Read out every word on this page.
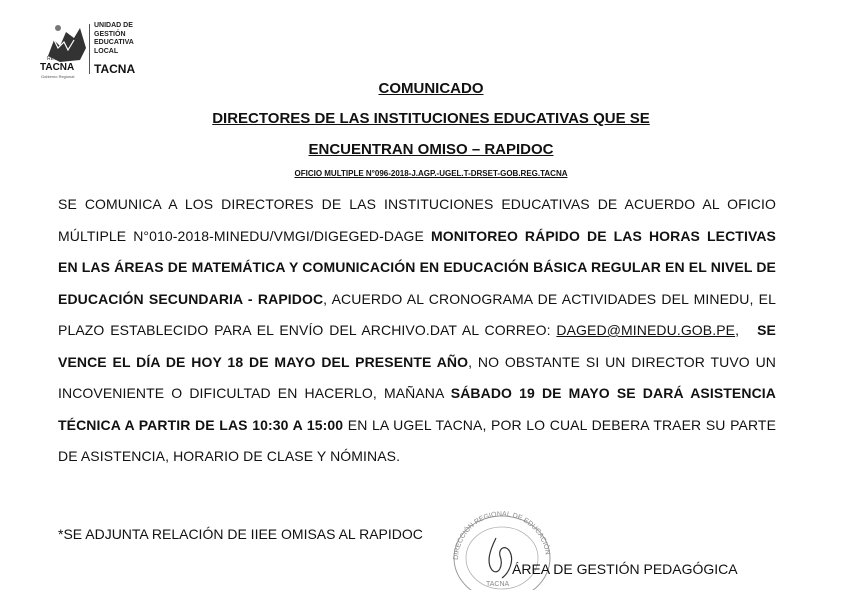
REGIÓN
TACNA
Gobierno Regional
UNIDAD DE
GESTIÓN
EDUCATIVA
LOCAL
TACNA
COMUNICADO
DIRECTORES DE LAS INSTITUCIONES EDUCATIVAS QUE SE
ENCUENTRAN OMISO – RAPIDOC
OFICIO MULTIPLE N°096-2018-J.AGP.-UGEL.T-DRSET-GOB.REG.TACNA
SE COMUNICA A LOS DIRECTORES DE LAS INSTITUCIONES EDUCATIVAS DE ACUERDO AL OFICIO MÚLTIPLE N°010-2018-MINEDU/VMGI/DIGEGED-DAGE MONITOREO RÁPIDO DE LAS HORAS LECTIVAS EN LAS ÁREAS DE MATEMÁTICA Y COMUNICACIÓN EN EDUCACIÓN BÁSICA REGULAR EN EL NIVEL DE EDUCACIÓN SECUNDARIA - RAPIDOC, ACUERDO AL CRONOGRAMA DE ACTIVIDADES DEL MINEDU, EL PLAZO ESTABLECIDO PARA EL ENVÍO DEL ARCHIVO.DAT AL CORREO: DAGED@MINEDU.GOB.PE, SE VENCE EL DÍA DE HOY 18 DE MAYO DEL PRESENTE AÑO, NO OBSTANTE SI UN DIRECTOR TUVO UN INCOVENIENTE O DIFICULTAD EN HACERLO, MAÑANA SÁBADO 19 DE MAYO SE DARÁ ASISTENCIA TÉCNICA A PARTIR DE LAS 10:30 A 15:00 EN LA UGEL TACNA, POR LO CUAL DEBERA TRAER SU PARTE DE ASISTENCIA, HORARIO DE CLASE Y NÓMINAS.
*SE ADJUNTA RELACIÓN DE IIEE OMISAS AL RAPIDOC
DIRECCIÓN REGIONAL DE EDUCACIÓN
TACNA
ÁREA DE GESTIÓN PEDAGÓGICA
